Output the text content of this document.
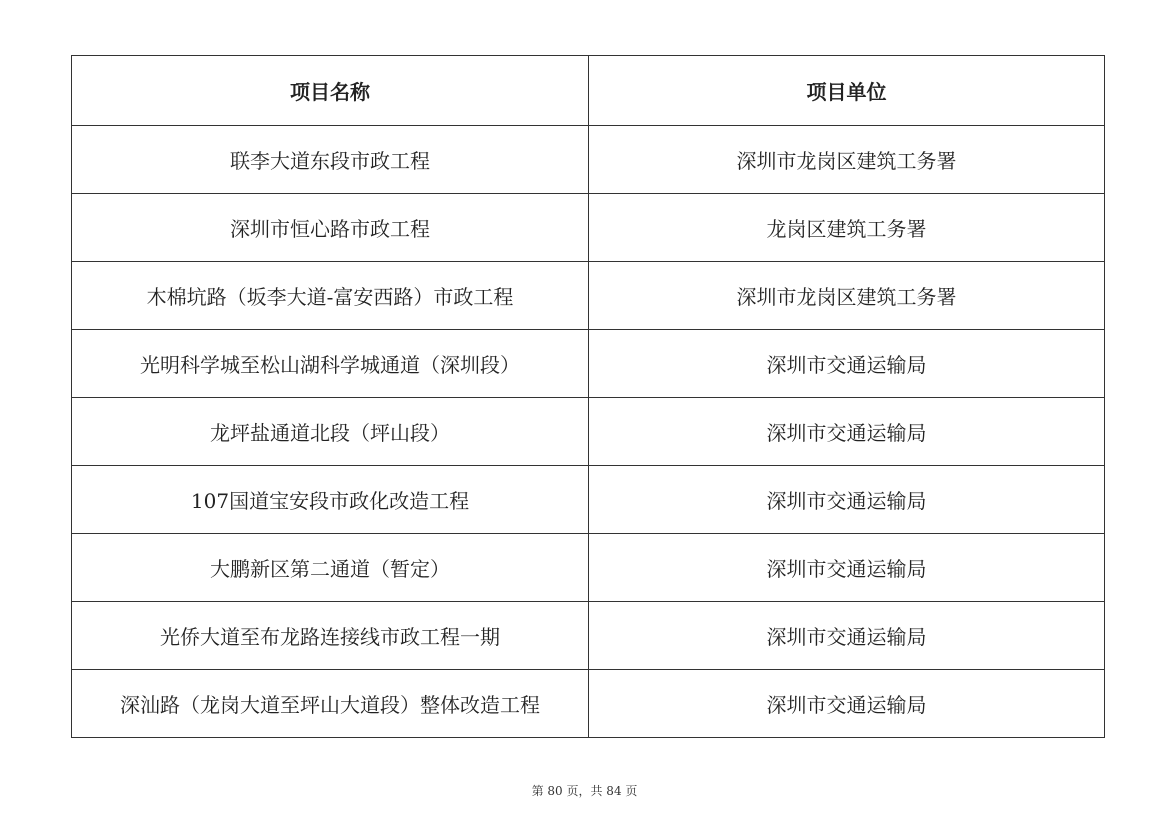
项目名称	项目单位
联李大道东段市政工程	深圳市龙岗区建筑工务署
深圳市恒心路市政工程	龙岗区建筑工务署
木棉坑路（坂李大道-富安西路）市政工程	深圳市龙岗区建筑工务署
光明科学城至松山湖科学城通道（深圳段）	深圳市交通运输局
龙坪盐通道北段（坪山段）	深圳市交通运输局
107国道宝安段市政化改造工程	深圳市交通运输局
大鹏新区第二通道（暂定）	深圳市交通运输局
光侨大道至布龙路连接线市政工程一期	深圳市交通运输局
深汕路（龙岗大道至坪山大道段）整体改造工程	深圳市交通运输局
第 80 页，共 84 页
